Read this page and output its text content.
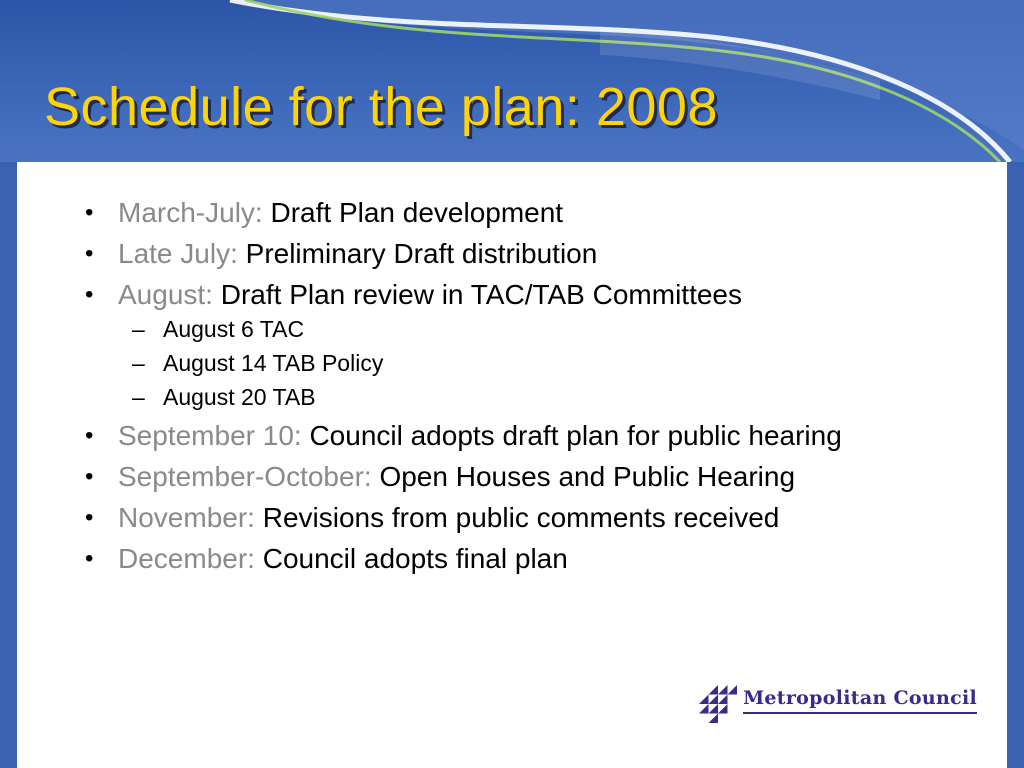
Schedule for the plan: 2008
• March-July: Draft Plan development
• Late July: Preliminary Draft distribution
• August: Draft Plan review in TAC/TAB Committees
– August 6 TAC
– August 14 TAB Policy
– August 20 TAB
• September 10: Council adopts draft plan for public hearing
• September-October: Open Houses and Public Hearing
• November: Revisions from public comments received
• December: Council adopts final plan
Metropolitan Council
